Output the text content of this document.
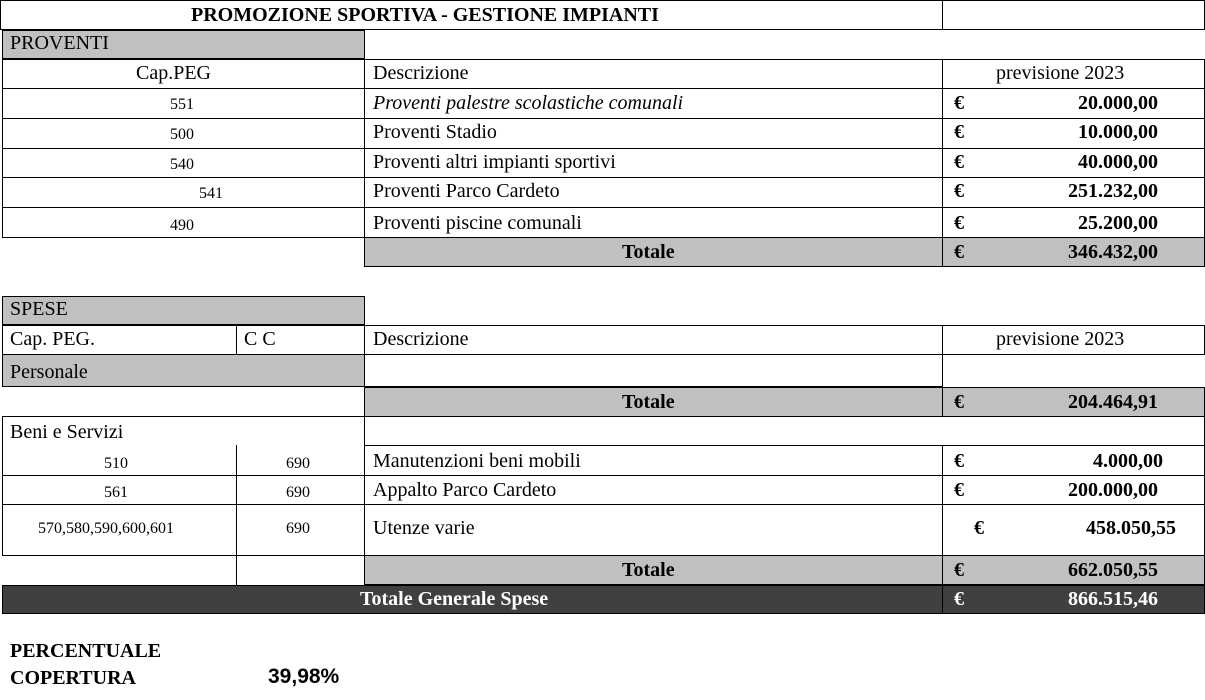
PROMOZIONE SPORTIVA - GESTIONE IMPIANTI
PROVENTI
Cap.PEG	Descrizione	previsione 2023
551	Proventi palestre scolastiche comunali	€	20.000,00
500	Proventi Stadio	€	10.000,00
540	Proventi altri impianti sportivi	€	40.000,00
541	Proventi Parco Cardeto	€	251.232,00
490	Proventi piscine comunali	€	25.200,00
Totale	€	346.432,00
SPESE
Cap. PEG.	C C	Descrizione	previsione 2023
Personale
Totale	€	204.464,91
Beni e Servizi
510	690	Manutenzioni beni mobili	€	4.000,00
561	690	Appalto Parco Cardeto	€	200.000,00
570,580,590,600,601	690	Utenze varie	€	458.050,55
Totale	€	662.050,55
Totale Generale Spese	€	866.515,46
PERCENTUALE
COPERTURA	39,98%
